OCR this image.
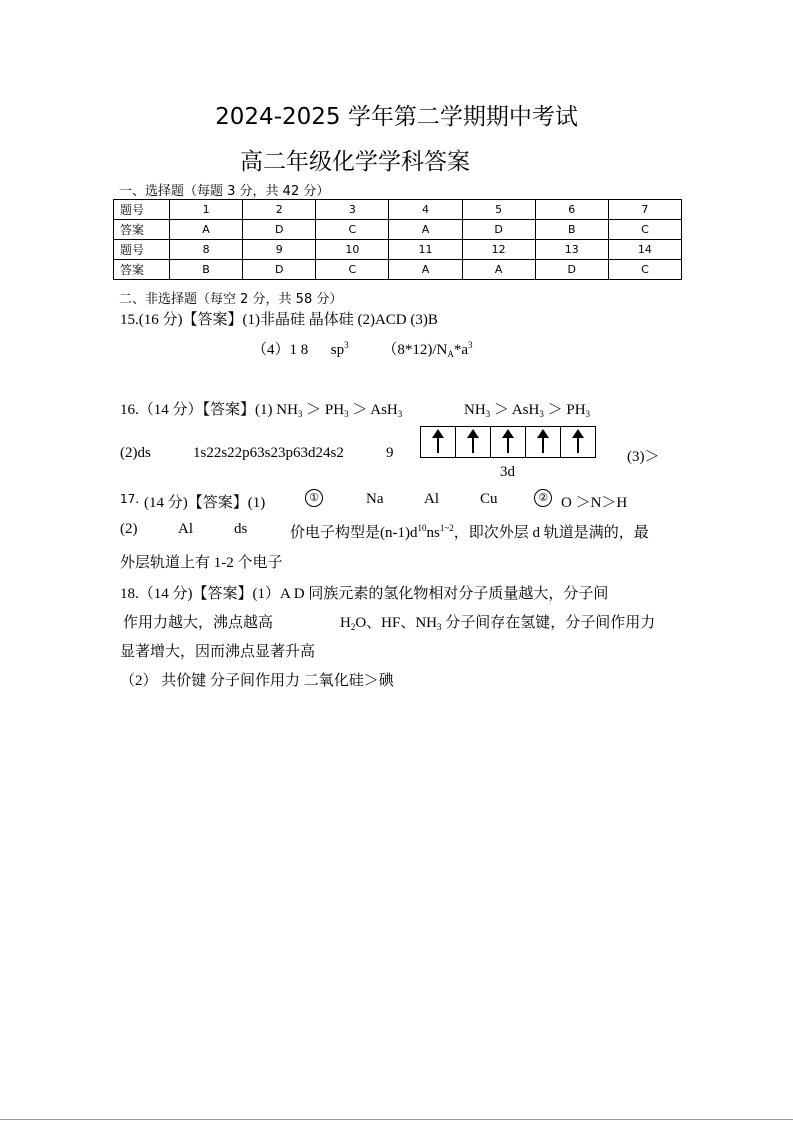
2024-2025 学年第二学期期中考试
高二年级化学学科答案
一、选择题（每题 3 分，共 42 分）
题号	1	2	3	4	5	6	7
答案	A	D	C	A	D	B	C
题号	8	9	10	11	12	13	14
答案	B	D	C	A	A	D	C
二、非选择题（每空 2 分，共 58 分）
15.(16 分)【答案】(1)非晶硅 晶体硅 (2)ACD (3)B
（4）1 8 $sp^3$ $(8*12)/N_A*a^3$
16.（14 分）【答案】(1) $NH_3 > PH_3 > AsH_3$	$NH_3 > AsH_3 > PH_3$
(2)ds	1s22s22p63s23p63d24s2	9
3d
(3)＞
17. (14 分)【答案】(1)	①	Na	Al	Cu	② O ＞N＞H
(2)	Al	ds	价电子构型是$(n-1)d^{10}ns^{1\sim 2}$，即次外层 d 轨道是满的，最
外层轨道上有 1-2 个电子
18.（14 分)【答案】(1）A D 同族元素的氢化物相对分子质量越大，分子间
作用力越大，沸点越高	$H_2O$、HF、$NH_3$ 分子间存在氢键，分子间作用力
显著增大，因而沸点显著升高
（2） 共价键 分子间作用力 二氧化硅＞碘
